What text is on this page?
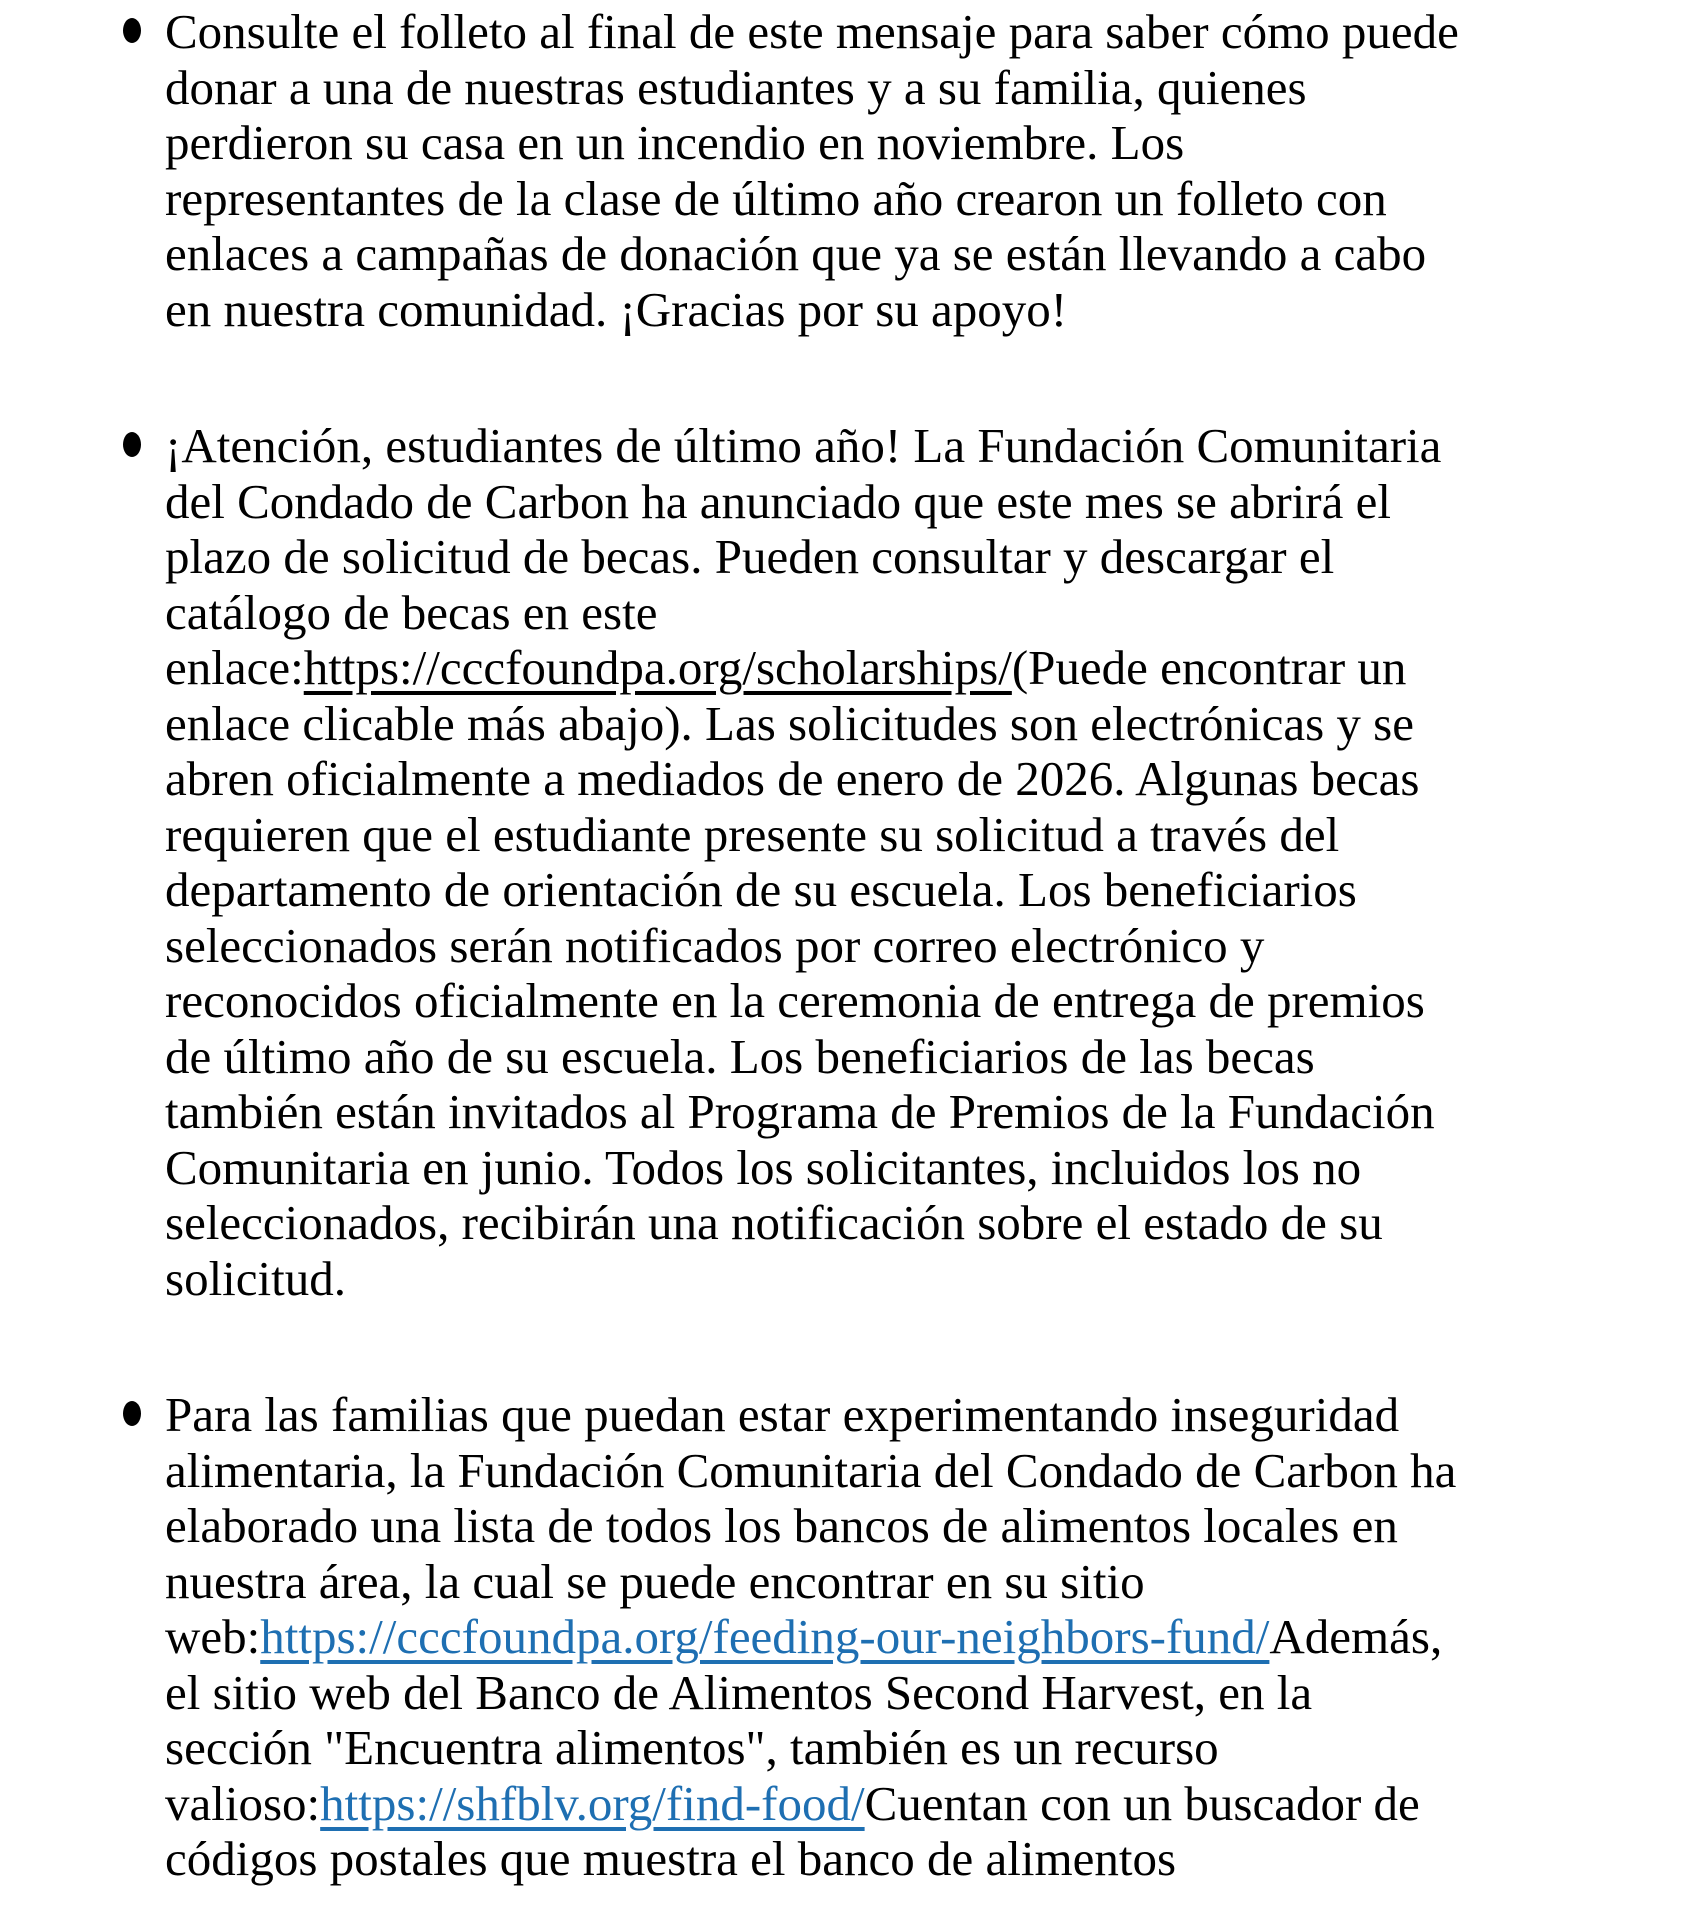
Consulte el folleto al final de este mensaje para saber cómo puede donar a una de nuestras estudiantes y a su familia, quienes perdieron su casa en un incendio en noviembre. Los representantes de la clase de último año crearon un folleto con enlaces a campañas de donación que ya se están llevando a cabo en nuestra comunidad. ¡Gracias por su apoyo!
¡Atención, estudiantes de último año! La Fundación Comunitaria del Condado de Carbon ha anunciado que este mes se abrirá el plazo de solicitud de becas. Pueden consultar y descargar el catálogo de becas en este enlace:https://cccfoundpa.org/scholarships/(Puede encontrar un enlace clicable más abajo). Las solicitudes son electrónicas y se abren oficialmente a mediados de enero de 2026. Algunas becas requieren que el estudiante presente su solicitud a través del departamento de orientación de su escuela. Los beneficiarios seleccionados serán notificados por correo electrónico y reconocidos oficialmente en la ceremonia de entrega de premios de último año de su escuela. Los beneficiarios de las becas también están invitados al Programa de Premios de la Fundación Comunitaria en junio. Todos los solicitantes, incluidos los no seleccionados, recibirán una notificación sobre el estado de su solicitud.
Para las familias que puedan estar experimentando inseguridad alimentaria, la Fundación Comunitaria del Condado de Carbon ha elaborado una lista de todos los bancos de alimentos locales en nuestra área, la cual se puede encontrar en su sitio web:https://cccfoundpa.org/feeding-our-neighbors-fund/Además, el sitio web del Banco de Alimentos Second Harvest, en la sección "Encuentra alimentos", también es un recurso valioso:https://shfblv.org/find-food/Cuentan con un buscador de códigos postales que muestra el banco de alimentos
